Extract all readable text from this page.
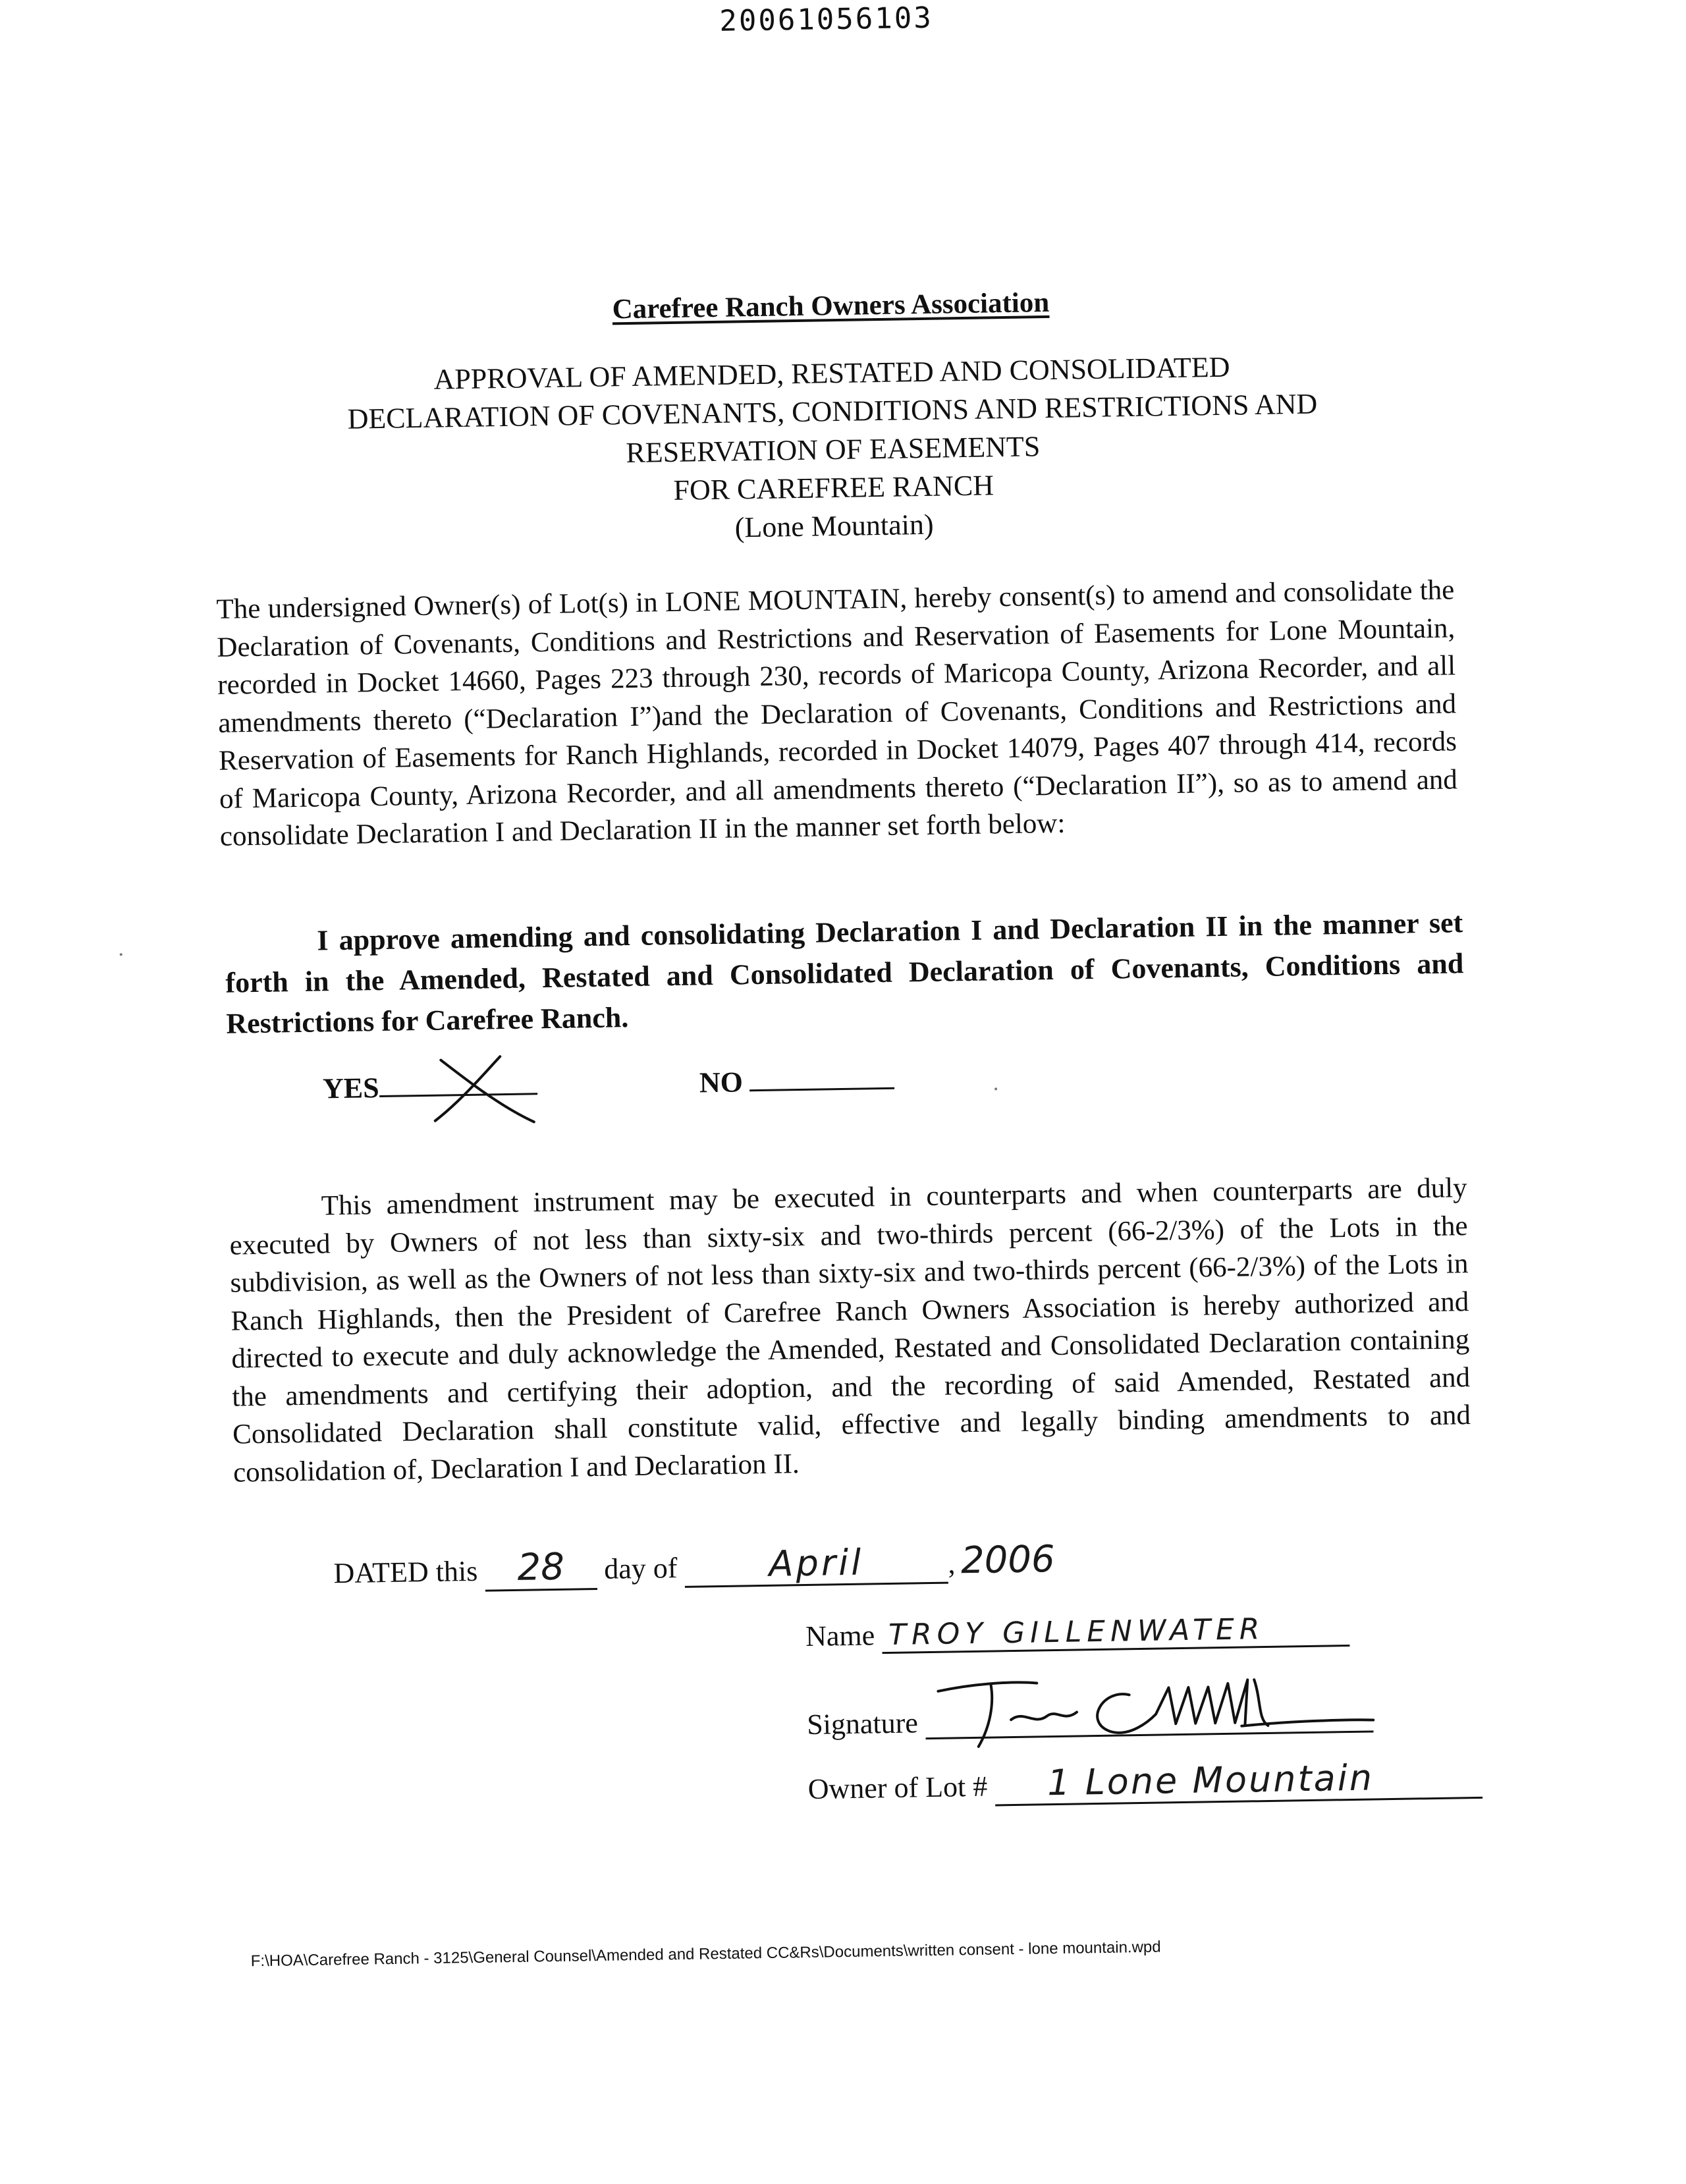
20061056103
Carefree Ranch Owners Association
APPROVAL OF AMENDED, RESTATED AND CONSOLIDATED
DECLARATION OF COVENANTS, CONDITIONS AND RESTRICTIONS AND
RESERVATION OF EASEMENTS
FOR CAREFREE RANCH
(Lone Mountain)
The undersigned Owner(s) of Lot(s) in LONE MOUNTAIN, hereby consent(s) to amend and consolidate the Declaration of Covenants, Conditions and Restrictions and Reservation of Easements for Lone Mountain, recorded in Docket 14660, Pages 223 through 230, records of Maricopa County, Arizona Recorder, and all amendments thereto (“Declaration I”)and the Declaration of Covenants, Conditions and Restrictions and Reservation of Easements for Ranch Highlands, recorded in Docket 14079, Pages 407 through 414, records of Maricopa County, Arizona Recorder, and all amendments thereto (“Declaration II”), so as to amend and consolidate Declaration I and Declaration II in the manner set forth below:
I approve amending and consolidating Declaration I and Declaration II in the manner set forth in the Amended, Restated and Consolidated Declaration of Covenants, Conditions and Restrictions for Carefree Ranch.
YES	NO
This amendment instrument may be executed in counterparts and when counterparts are duly executed by Owners of not less than sixty-six and two-thirds percent (66-2/3%) of the Lots in the subdivision, as well as the Owners of not less than sixty-six and two-thirds percent (66-2/3%) of the Lots in Ranch Highlands, then the President of Carefree Ranch Owners Association is hereby authorized and directed to execute and duly acknowledge the Amended, Restated and Consolidated Declaration containing the amendments and certifying their adoption, and the recording of said Amended, Restated and Consolidated Declaration shall constitute valid, effective and legally binding amendments to and consolidation of, Declaration I and Declaration II.
DATED this 28 day of	April	, 2006
Name TROY GILLENWATER
Signature
Owner of Lot # 1 Lone Mountain
F:\HOA\Carefree Ranch - 3125\General Counsel\Amended and Restated CC&Rs\Documents\written consent - lone mountain.wpd
